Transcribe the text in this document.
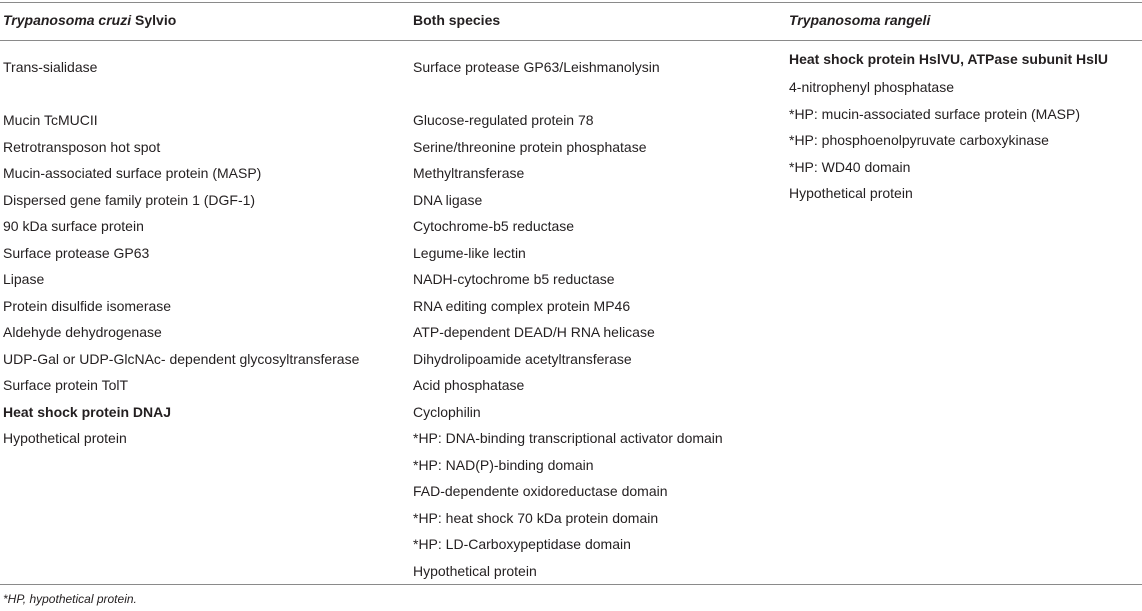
Trypanosoma cruzi Sylvio	Both species	Trypanosoma rangeli
Trans-sialidase
Mucin TcMUCII
Retrotransposon hot spot
Mucin-associated surface protein (MASP)
Dispersed gene family protein 1 (DGF-1)
90 kDa surface protein
Surface protease GP63
Lipase
Protein disulfide isomerase
Aldehyde dehydrogenase
UDP-Gal or UDP-GlcNAc- dependent glycosyltransferase
Surface protein TolT
Heat shock protein DNAJ
Hypothetical protein
Surface protease GP63/Leishmanolysin
Glucose-regulated protein 78
Serine/threonine protein phosphatase
Methyltransferase
DNA ligase
Cytochrome-b5 reductase
Legume-like lectin
NADH-cytochrome b5 reductase
RNA editing complex protein MP46
ATP-dependent DEAD/H RNA helicase
Dihydrolipoamide acetyltransferase
Acid phosphatase
Cyclophilin
*HP: DNA-binding transcriptional activator domain
*HP: NAD(P)-binding domain
FAD-dependente oxidoreductase domain
*HP: heat shock 70 kDa protein domain
*HP: LD-Carboxypeptidase domain
Hypothetical protein
Heat shock protein HslVU, ATPase subunit HslU
4-nitrophenyl phosphatase
*HP: mucin-associated surface protein (MASP)
*HP: phosphoenolpyruvate carboxykinase
*HP: WD40 domain
Hypothetical protein
*HP, hypothetical protein.
